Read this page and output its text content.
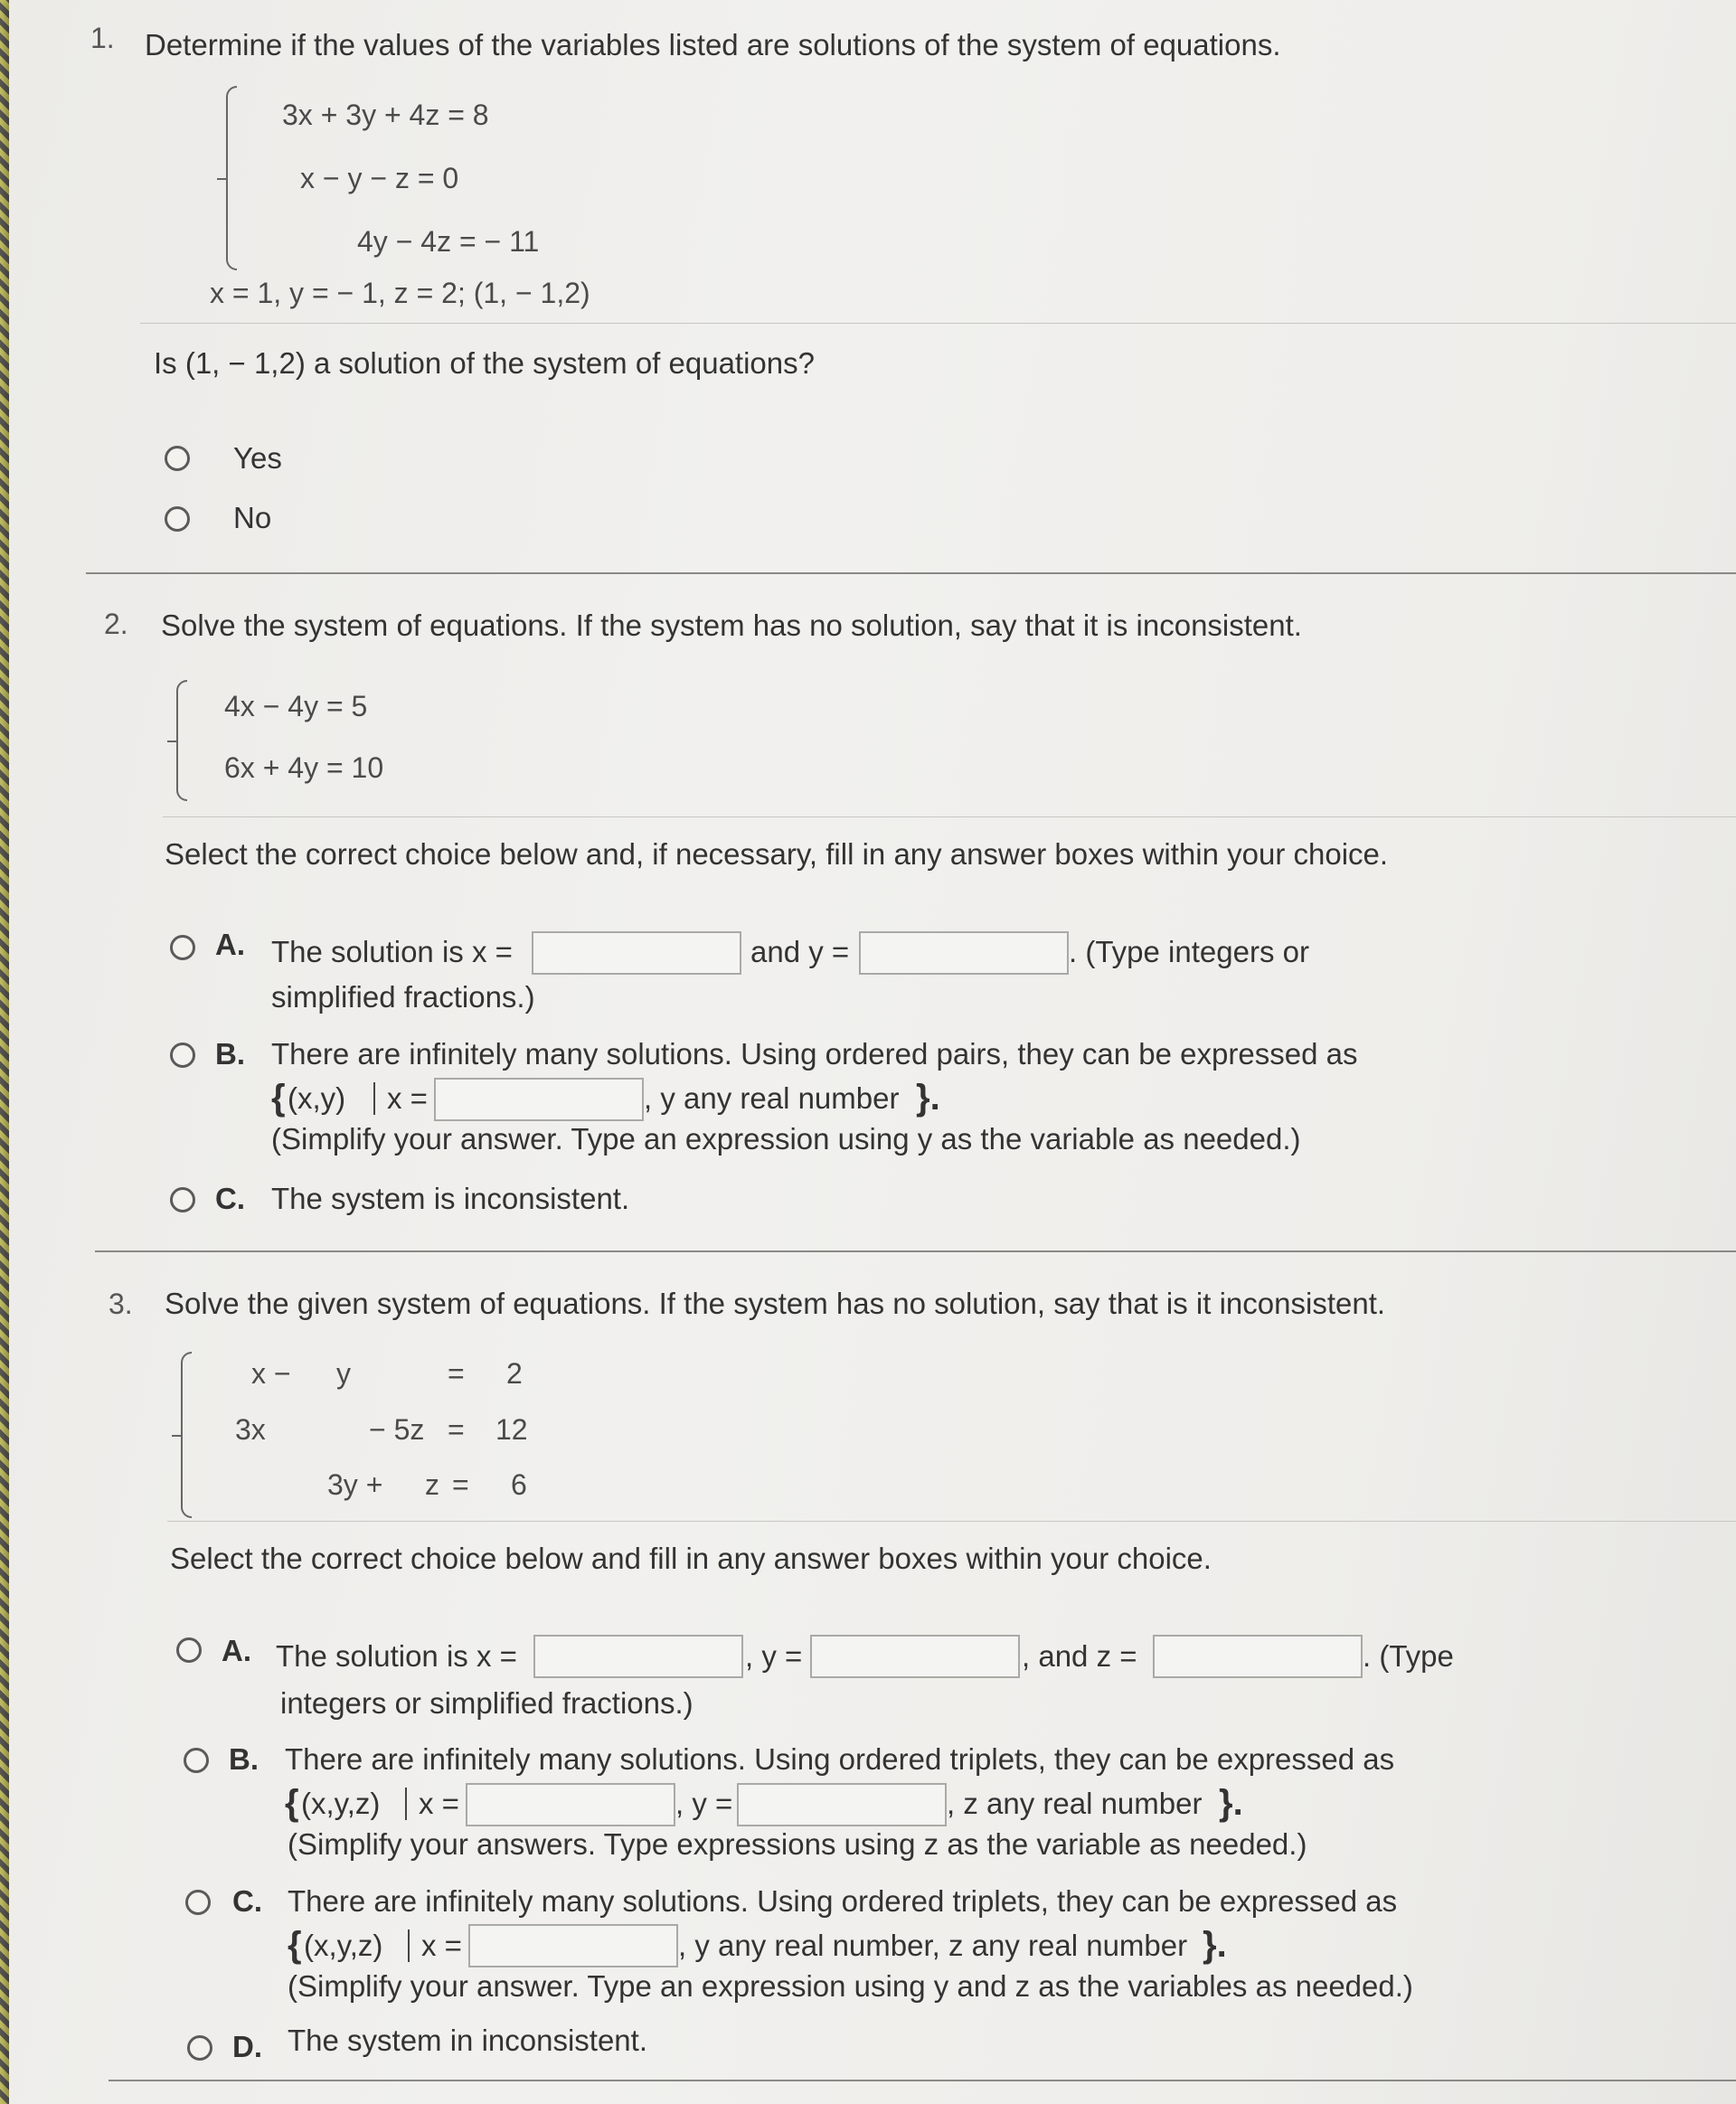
1. Determine if the values of the variables listed are solutions of the system of equations.
3x + 3y + 4z = 8
x − y − z = 0
4y − 4z = − 11
x = 1, y = − 1, z = 2; (1, − 1,2)
Is (1, − 1,2) a solution of the system of equations?
Yes
No
2. Solve the system of equations. If the system has no solution, say that it is inconsistent.
4x − 4y = 5
6x + 4y = 10
Select the correct choice below and, if necessary, fill in any answer boxes within your choice.
A. The solution is x =	and y =	. (Type integers or
simplified fractions.)
B. There are infinitely many solutions. Using ordered pairs, they can be expressed as
{ (x,y) x =	, y any real number }.
(Simplify your answer. Type an expression using y as the variable as needed.)
C. The system is inconsistent.
3. Solve the given system of equations. If the system has no solution, say that is it inconsistent.
x − y	= 2
3x	− 5z = 12
3y + z = 6
Select the correct choice below and fill in any answer boxes within your choice.
A. The solution is x =	, y =	, and z =	. (Type
integers or simplified fractions.)
B. There are infinitely many solutions. Using ordered triplets, they can be expressed as
{ (x,y,z) x =	, y =	, z any real number }.
(Simplify your answers. Type expressions using z as the variable as needed.)
C. There are infinitely many solutions. Using ordered triplets, they can be expressed as
{ (x,y,z) x =	, y any real number, z any real number }.
(Simplify your answer. Type an expression using y and z as the variables as needed.)
D. The system in inconsistent.
